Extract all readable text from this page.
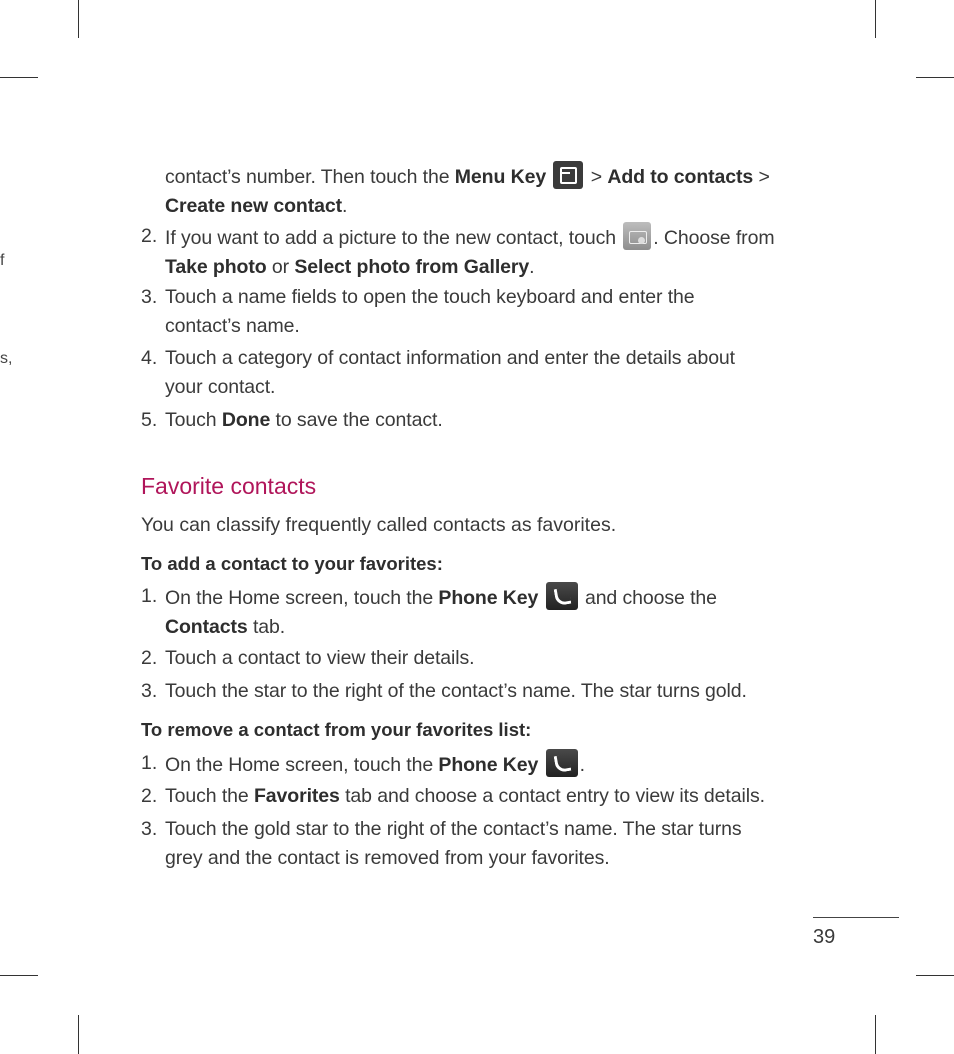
f
s,
contact’s number. Then touch the Menu Key  > Add to contacts >
Create new contact.
2. If you want to add a picture to the new contact, touch . Choose from
Take photo or Select photo from Gallery.
3. Touch a name fields to open the touch keyboard and enter the
contact’s name.
4. Touch a category of contact information and enter the details about
your contact.
5. Touch Done to save the contact.
Favorite contacts
You can classify frequently called contacts as favorites.
To add a contact to your favorites:
1. On the Home screen, touch the Phone Key  and choose the
Contacts tab.
2. Touch a contact to view their details.
3. Touch the star to the right of the contact’s name. The star turns gold.
To remove a contact from your favorites list:
1. On the Home screen, touch the Phone Key .
2. Touch the Favorites tab and choose a contact entry to view its details.
3. Touch the gold star to the right of the contact’s name. The star turns
grey and the contact is removed from your favorites.
39
